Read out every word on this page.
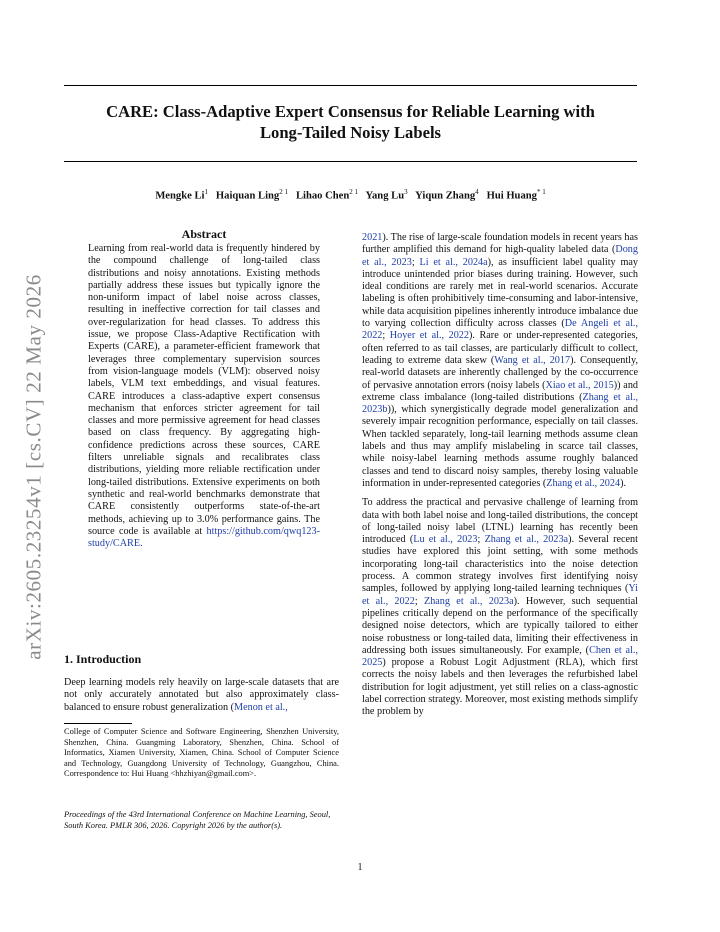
arXiv:2605.23254v1 [cs.CV] 22 May 2026
CARE: Class-Adaptive Expert Consensus for Reliable Learning with
Long-Tailed Noisy Labels
Mengke Li$^1$ Haiquan Ling$^{2 1}$ Lihao Chen$^{2 1}$ Yang Lu$^3$ Yiqun Zhang$^4$ Hui Huang$^{* 1}$
Abstract

Learning from real-world data is frequently hindered by the compound challenge of long-tailed class distributions and noisy annotations. Existing methods partially address these issues but typically ignore the non-uniform impact of label noise across classes, resulting in ineffective correction for tail classes and over-regularization for head classes. To address this issue, we propose Class-Adaptive Rectification with Experts (CARE), a parameter-efficient framework that leverages three complementary supervision sources from vision-language models (VLM): observed noisy labels, VLM text embeddings, and visual features. CARE introduces a class-adaptive expert consensus mechanism that enforces stricter agreement for tail classes and more permissive agreement for head classes based on class frequency. By aggregating high-confidence predictions across these sources, CARE filters unreliable signals and recalibrates class distributions, yielding more reliable rectification under long-tailed distributions. Extensive experiments on both synthetic and real-world benchmarks demonstrate that CARE consistently outperforms state-of-the-art methods, achieving up to 3.0% performance gains. The source code is available at https://github.com/qwq123-study/CARE.

1. Introduction
Deep learning models rely heavily on large-scale datasets that are not only accurately annotated but also approximately class-balanced to ensure robust generalization (Menon et al.,
College of Computer Science and Software Engineering, Shenzhen University, Shenzhen, China. Guangming Laboratory, Shenzhen, China. School of Informatics, Xiamen University, Xiamen, China. School of Computer Science and Technology, Guangdong University of Technology, Guangzhou, China. Correspondence to: Hui Huang <hhzhiyan@gmail.com>.
Proceedings of the 43rd International Conference on Machine Learning, Seoul, South Korea. PMLR 306, 2026. Copyright 2026 by the author(s).

2021). The rise of large-scale foundation models in recent years has further amplified this demand for high-quality labeled data (Dong et al., 2023; Li et al., 2024a), as insufficient label quality may introduce unintended prior biases during training. However, such ideal conditions are rarely met in real-world scenarios. Accurate labeling is often prohibitively time-consuming and labor-intensive, while data acquisition pipelines inherently introduce imbalance due to varying collection difficulty across classes (De Angeli et al., 2022; Hoyer et al., 2022). Rare or under-represented categories, often referred to as tail classes, are particularly difficult to collect, leading to extreme data skew (Wang et al., 2017). Consequently, real-world datasets are inherently challenged by the co-occurrence of pervasive annotation errors (noisy labels (Xiao et al., 2015)) and extreme class imbalance (long-tailed distributions (Zhang et al., 2023b)), which synergistically degrade model generalization and severely impair recognition performance, especially on tail classes. When tackled separately, long-tail learning methods assume clean labels and thus may amplify mislabeling in scarce tail classes, while noisy-label learning methods assume roughly balanced classes and tend to discard noisy samples, thereby losing valuable information in under-represented categories (Zhang et al., 2024).

To address the practical and pervasive challenge of learning from data with both label noise and long-tailed distributions, the concept of long-tailed noisy label (LTNL) learning has recently been introduced (Lu et al., 2023; Zhang et al., 2023a). Several recent studies have explored this joint setting, with some methods incorporating long-tail characteristics into the noise detection process. A common strategy involves first identifying noisy samples, followed by applying long-tailed learning techniques (Yi et al., 2022; Zhang et al., 2023a). However, such sequential pipelines critically depend on the performance of the specifically designed noise detectors, which are typically tailored to either noise robustness or long-tailed data, limiting their effectiveness in addressing both issues simultaneously. For example, (Chen et al., 2025) propose a Robust Logit Adjustment (RLA), which first corrects the noisy labels and then leverages the refurbished label distribution for logit adjustment, yet still relies on a class-agnostic label correction strategy. Moreover, most existing methods simplify the problem by

1
